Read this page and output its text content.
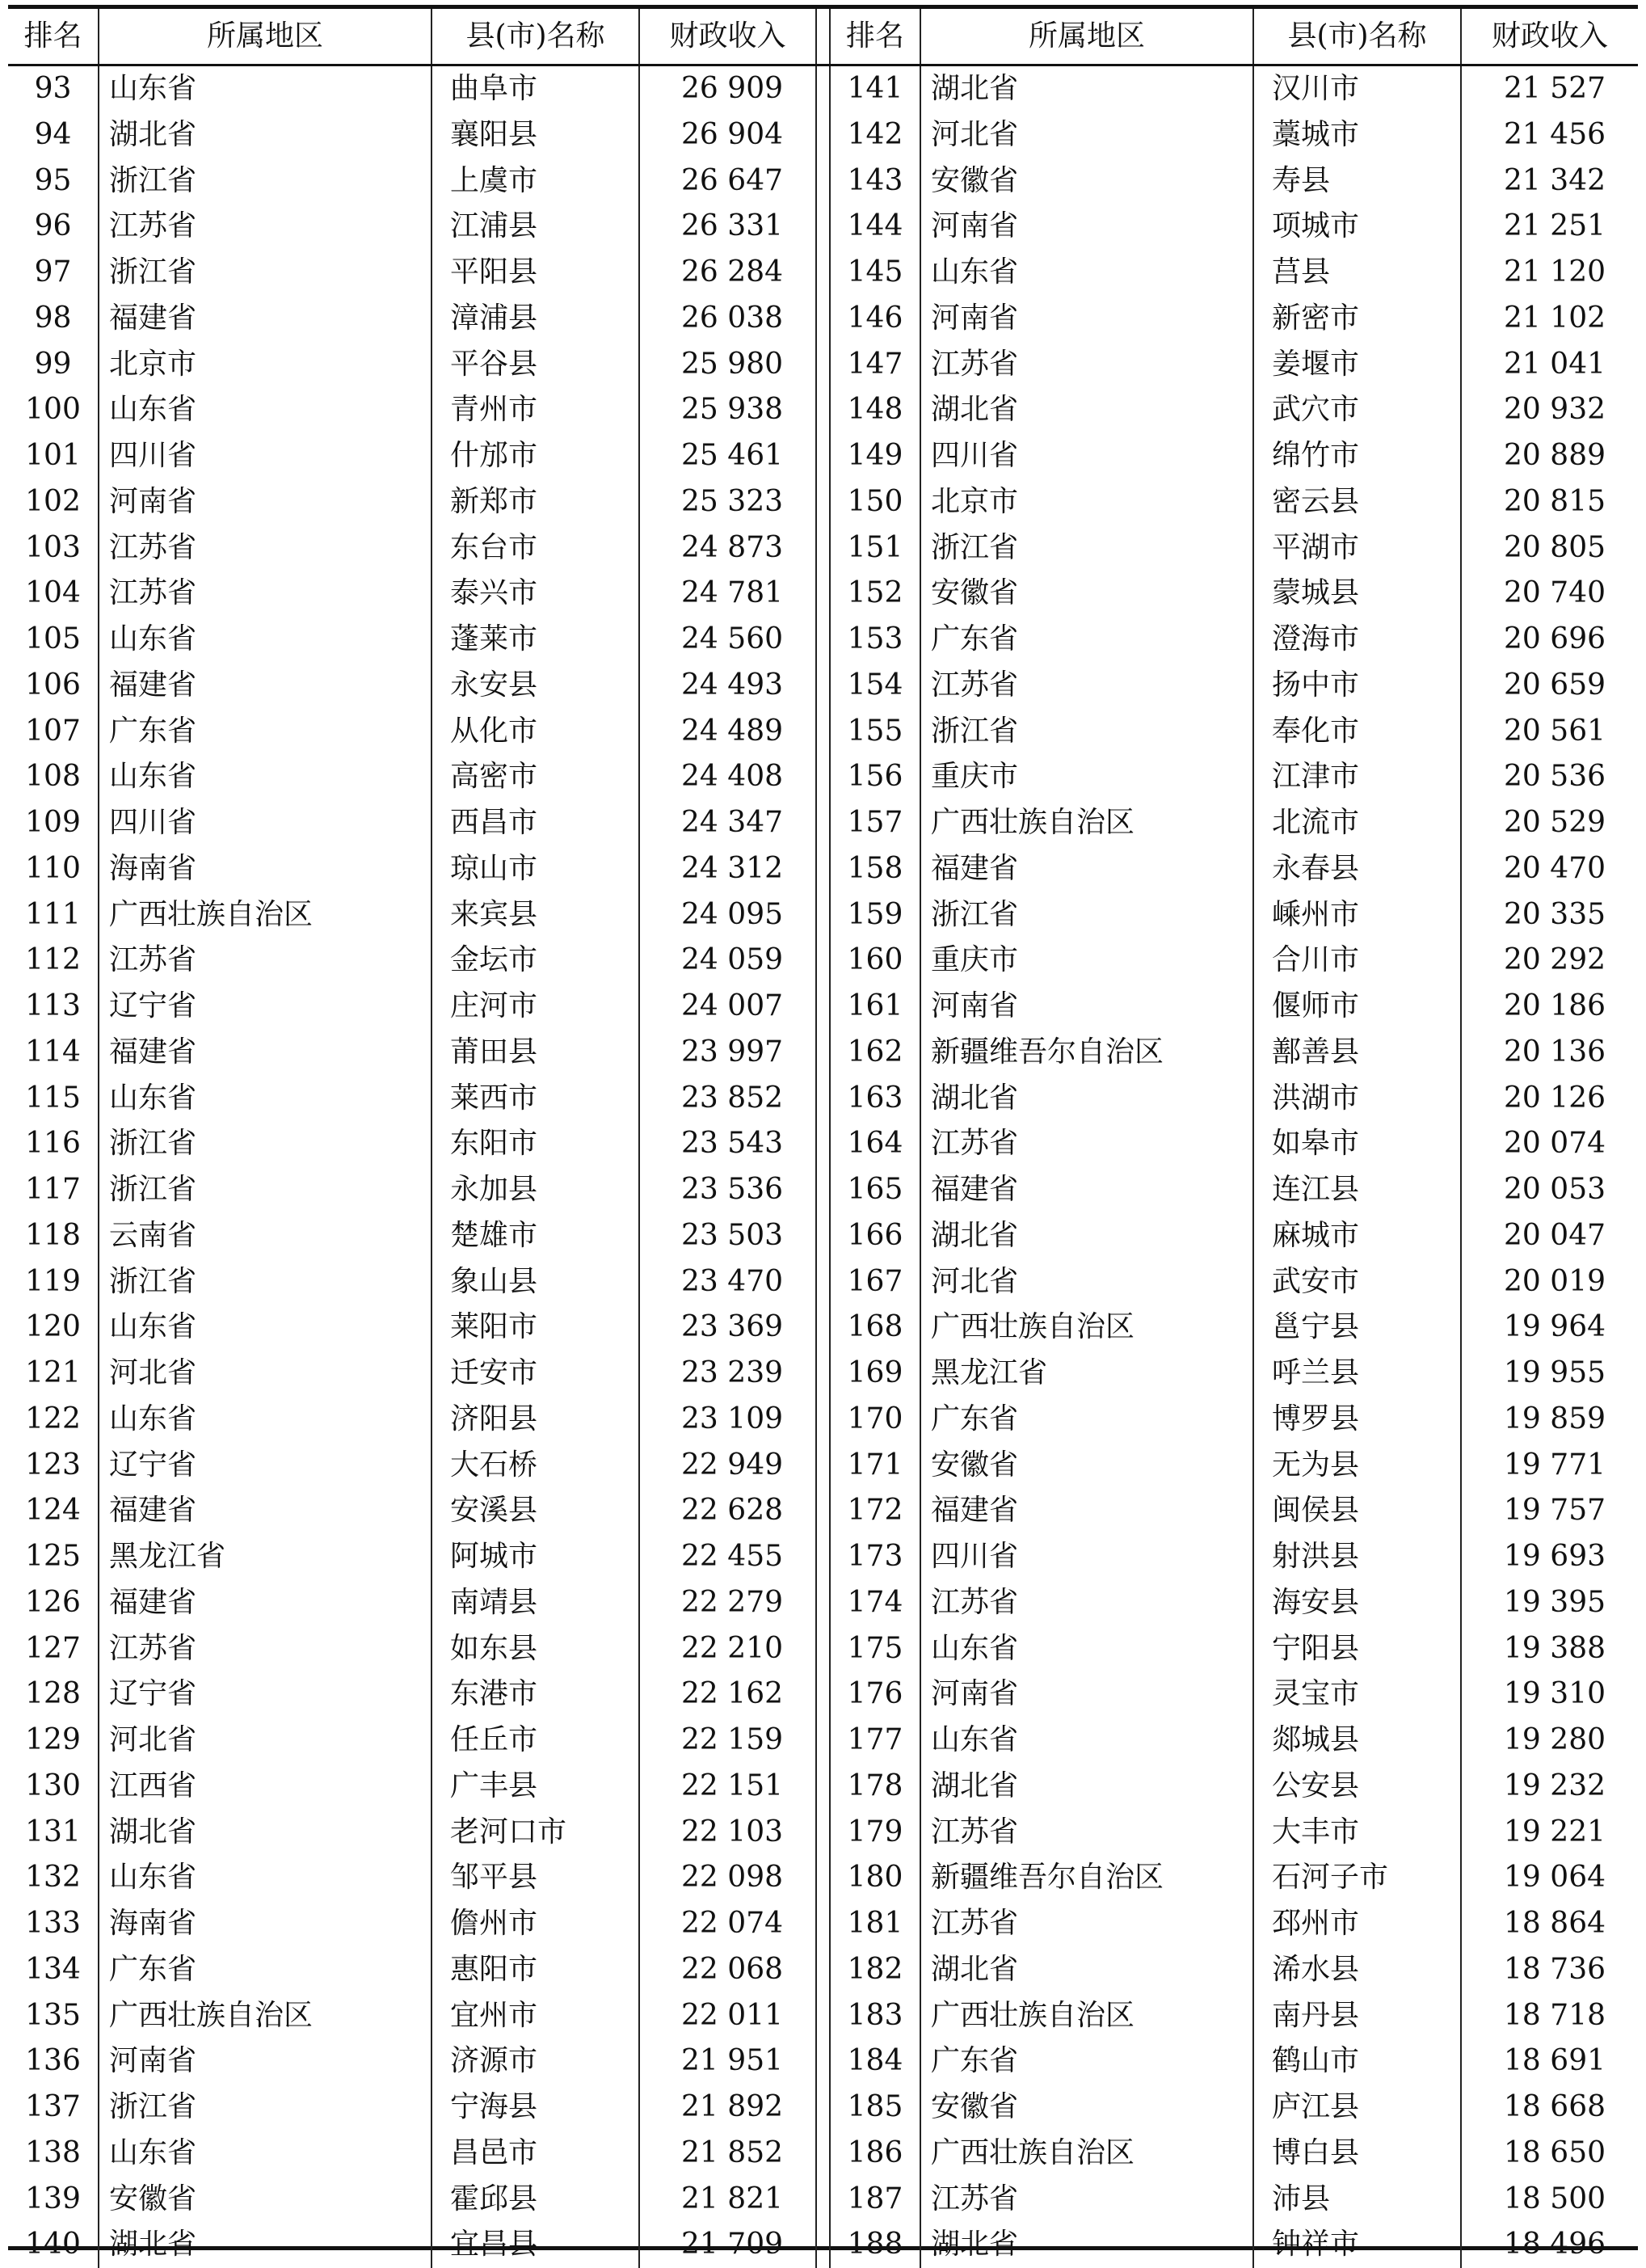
排名	所属地区	县(市)名称	财政收入		排名	所属地区	县(市)名称	财政收入
93	山东省	曲阜市	26 909		141	湖北省	汉川市	21 527
94	湖北省	襄阳县	26 904		142	河北省	藁城市	21 456
95	浙江省	上虞市	26 647		143	安徽省	寿县	21 342
96	江苏省	江浦县	26 331		144	河南省	项城市	21 251
97	浙江省	平阳县	26 284		145	山东省	莒县	21 120
98	福建省	漳浦县	26 038		146	河南省	新密市	21 102
99	北京市	平谷县	25 980		147	江苏省	姜堰市	21 041
100	山东省	青州市	25 938		148	湖北省	武穴市	20 932
101	四川省	什邡市	25 461		149	四川省	绵竹市	20 889
102	河南省	新郑市	25 323		150	北京市	密云县	20 815
103	江苏省	东台市	24 873		151	浙江省	平湖市	20 805
104	江苏省	泰兴市	24 781		152	安徽省	蒙城县	20 740
105	山东省	蓬莱市	24 560		153	广东省	澄海市	20 696
106	福建省	永安县	24 493		154	江苏省	扬中市	20 659
107	广东省	从化市	24 489		155	浙江省	奉化市	20 561
108	山东省	高密市	24 408		156	重庆市	江津市	20 536
109	四川省	西昌市	24 347		157	广西壮族自治区	北流市	20 529
110	海南省	琼山市	24 312		158	福建省	永春县	20 470
111	广西壮族自治区	来宾县	24 095		159	浙江省	嵊州市	20 335
112	江苏省	金坛市	24 059		160	重庆市	合川市	20 292
113	辽宁省	庄河市	24 007		161	河南省	偃师市	20 186
114	福建省	莆田县	23 997		162	新疆维吾尔自治区	鄯善县	20 136
115	山东省	莱西市	23 852		163	湖北省	洪湖市	20 126
116	浙江省	东阳市	23 543		164	江苏省	如皋市	20 074
117	浙江省	永加县	23 536		165	福建省	连江县	20 053
118	云南省	楚雄市	23 503		166	湖北省	麻城市	20 047
119	浙江省	象山县	23 470		167	河北省	武安市	20 019
120	山东省	莱阳市	23 369		168	广西壮族自治区	邕宁县	19 964
121	河北省	迁安市	23 239		169	黑龙江省	呼兰县	19 955
122	山东省	济阳县	23 109		170	广东省	博罗县	19 859
123	辽宁省	大石桥	22 949		171	安徽省	无为县	19 771
124	福建省	安溪县	22 628		172	福建省	闽侯县	19 757
125	黑龙江省	阿城市	22 455		173	四川省	射洪县	19 693
126	福建省	南靖县	22 279		174	江苏省	海安县	19 395
127	江苏省	如东县	22 210		175	山东省	宁阳县	19 388
128	辽宁省	东港市	22 162		176	河南省	灵宝市	19 310
129	河北省	任丘市	22 159		177	山东省	郯城县	19 280
130	江西省	广丰县	22 151		178	湖北省	公安县	19 232
131	湖北省	老河口市	22 103		179	江苏省	大丰市	19 221
132	山东省	邹平县	22 098		180	新疆维吾尔自治区	石河子市	19 064
133	海南省	儋州市	22 074		181	江苏省	邳州市	18 864
134	广东省	惠阳市	22 068		182	湖北省	浠水县	18 736
135	广西壮族自治区	宜州市	22 011		183	广西壮族自治区	南丹县	18 718
136	河南省	济源市	21 951		184	广东省	鹤山市	18 691
137	浙江省	宁海县	21 892		185	安徽省	庐江县	18 668
138	山东省	昌邑市	21 852		186	广西壮族自治区	博白县	18 650
139	安徽省	霍邱县	21 821		187	江苏省	沛县	18 500
140	湖北省	宜昌县	21 709		188	湖北省	钟祥市	18 496
